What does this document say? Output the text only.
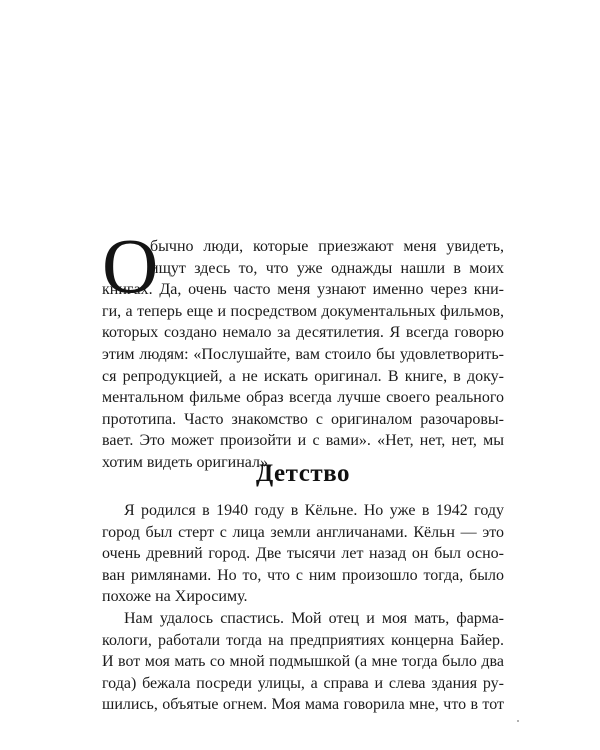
О
бычно люди, которые приезжают меня увидеть,
ищут здесь то, что уже однажды нашли в моих
книгах. Да, очень часто меня узнают именно через кни-
ги, а теперь еще и посредством документальных фильмов,
которых создано немало за десятилетия. Я всегда говорю
этим людям: «Послушайте, вам стоило бы удовлетворить-
ся репродукцией, а не искать оригинал. В книге, в доку-
ментальном фильме образ всегда лучше своего реального
прототипа. Часто знакомство с оригиналом разочаровы-
вает. Это может произойти и с вами». «Нет, нет, нет, мы
хотим видеть оригинал».
Детство
Я родился в 1940 году в Кёльне. Но уже в 1942 году
город был стерт с лица земли англичанами. Кёльн — это
очень древний город. Две тысячи лет назад он был осно-
ван римлянами. Но то, что с ним произошло тогда, было
похоже на Хиросиму.
Нам удалось спастись. Мой отец и моя мать, фарма-
кологи, работали тогда на предприятиях концерна Байер.
И вот моя мать со мной подмышкой (а мне тогда было два
года) бежала посреди улицы, а справа и слева здания ру-
шились, объятые огнем. Моя мама говорила мне, что в тот
